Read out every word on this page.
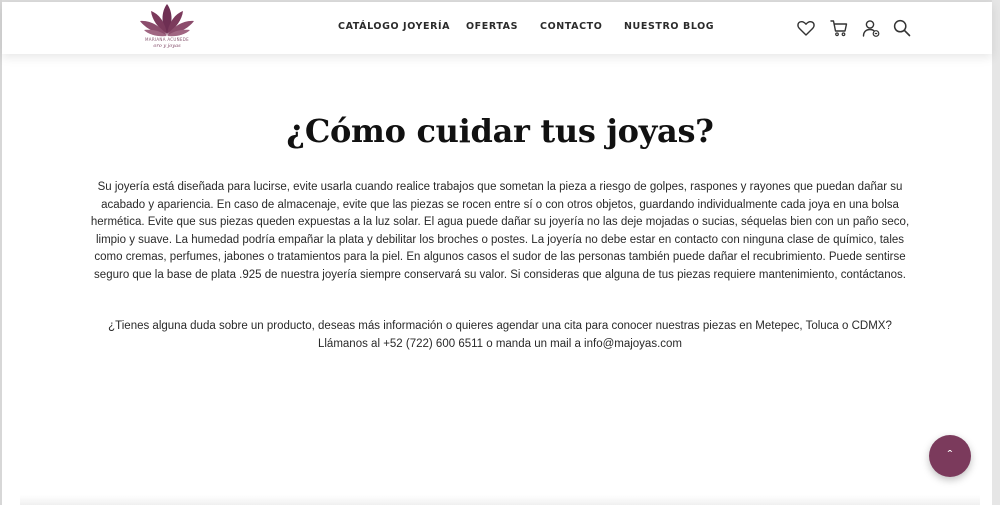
MARIANA ACUÑEDE
oro y joyas
CATÁLOGO JOYERÍA OFERTAS CONTACTO NUESTRO BLOG
¿Cómo cuidar tus joyas?

Su joyería está diseñada para lucirse, evite usarla cuando realice trabajos que sometan la pieza a riesgo de golpes, raspones y rayones que puedan dañar su acabado y apariencia. En caso de almacenaje, evite que las piezas se rocen entre sí o con otros objetos, guardando individualmente cada joya en una bolsa hermética. Evite que sus piezas queden expuestas a la luz solar. El agua puede dañar su joyería no las deje mojadas o sucias, séquelas bien con un paño seco, limpio y suave. La humedad podría empañar la plata y debilitar los broches o postes. La joyería no debe estar en contacto con ninguna clase de químico, tales como cremas, perfumes, jabones o tratamientos para la piel. En algunos casos el sudor de las personas también puede dañar el recubrimiento. Puede sentirse seguro que la base de plata .925 de nuestra joyería siempre conservará su valor. Si consideras que alguna de tus piezas requiere mantenimiento, contáctanos.

¿Tienes alguna duda sobre un producto, deseas más información o quieres agendar una cita para conocer nuestras piezas en Metepec, Toluca o CDMX? Llámanos al +52 (722) 600 6511 o manda un mail a info@majoyas.com

ˆ
